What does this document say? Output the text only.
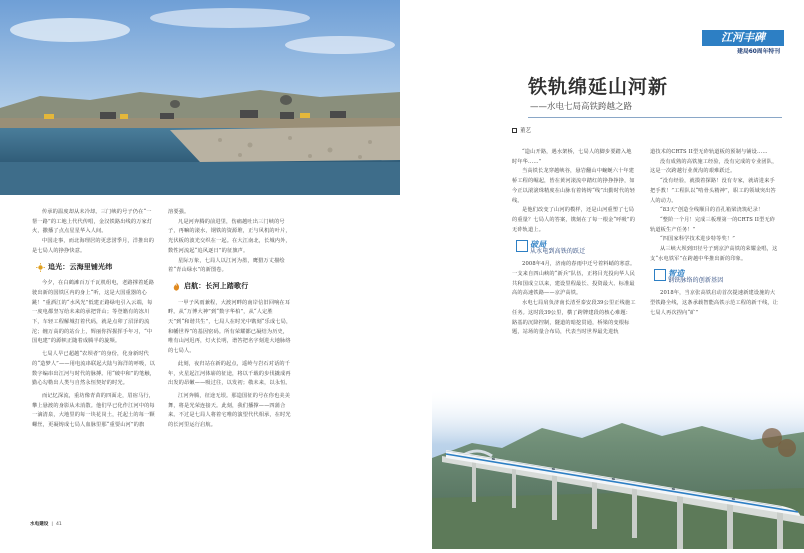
传承的温度却从未冷却。三门峡的号子仍在“一帮一路”的工地上代代传唱，金汉铁路出线的万家灯火，撒播了点点星星华入人间。

中国走事，而北海理居的更悲涝季月，洋推出的是七局人的挣挣快意。

追光：云海里铺光纬

今夕，在白鹤滩百万千瓦机组电，老路撑着延路驶出新的国铁区内的身上“听，这是大国重器的心跳！”重酒江的“水风光”低建正路绿电引入云端，每一度电都坚写给未来的承把背山；等登籍有的冻川下，车轻工程解城打着代码，就是点卯了沼泽的流沱；缠万高的的站台上，辉丽你挥握挥手年习，“中国电建”的源帜正随着成腾半的旋频。

七局人早已超越“农坝者”的身份，化身新时代的“造梦人”——用电流串联起大陆与海洋的呼吸，以数字编串出江河与时代的脉搏。用“破中和”的笔触，勤心勾勒出人类与自然永恒契好的时光。

而记忆深流，重坊像青苗的四面走，眉宿马行，攀上悬渡的身影从未消散。他们早已化作江河中的每一滴清泉，大地里的每一块花岗土，托起土的每一颗螺丝，更凝铸成七局人血脉里那“重要山河”的旗

溶要强。

凡是河奔腾的前进里，伤痛越吐出三门峡的号子，再嘛的滚水，钢铁的资源堆，正与风机的叶片，光伏板的波光交织在一起。在大江南北，长城内外，数性河流起“追风逐日”的征旗声。

星际万象，七局人以江河为墨，鹰猎万丈描绘着“青山绿水”的新图卷。

启航：长河上踏歌行

一甲子风雨兼程，大渡河畔的南岸信旧回响在耳畔。从“万博大神”到“数字华柏”，从“人定胜天”到“和谐共生”，七局人在时光中镌刻“乐成七局，和幡世界”的基因密码。所有荣耀都已凝结为历史，唯有山河迟再，灯火长明，谱答把名字刻进大地脉络的七局人。

此刻，夜归站在新的起点，遥岭与岩石对话的千年，火星起江河体崭的征途，将以千载的步伐撬成再出发的昂嫩——吸过往，以发初；敬未来，以永恒。

江河奔腾，征途无垠。那造国征的号在你也美美舞，将是光荣连接天。此刻，我们播撑——四蒲合来。不过是七局人将着宅唯的演望代代相承，在时光的长河里运行启航。

水电建设 | 41
江河丰碑
建局60周年特刊
铁轨绵延山河新
——水电七局高铁跨越之路
董艺

“造山开路，遇水架桥，七局人的脚步要踏入地时年华……”

当高铁长龙穿越峡谷，悬岩翻山中蜿蜒六十年建桥工程的崛起，皆在黄河滚流中踏红的挣挣挣挣，如今正以滚滚珠精度在山脉有着铸铸“线”出勤时代的轻线。

是他们改变了山河的模样，还是山河重塑了七局的重量？七局人的答案，镌刻在了每一根金“呼吸”的无砟轨道上。

破局
从水电到高铁的跃迁

2008年4月，济南的春雨中迁号着料峭的寒意。一支来自四山峡的“新兵”队伍，正将目光投向华人民共和国成立以来，建设里程最长、投资最大、标准最高的高速铁路——京沪高铁。

水电七局肩负济南长清至泰安段39公里正线施工任务。这时段39公里，横了跨牌建段的核心难题：路基的沉降控制，隧道的暗挖贯通，桥梁的变根标题，站场的量合布局，代表当时世界最先进轨

道技术的CRTS II型无砟轨道板的预制与铺设……

没有成熟的高铁施工经验，没有完成的专业团队，这是一次跨越行业黄沟的艰难跃迁。

“没有经验，就摸着探路！没有专家，就请进来手把手教！”工程队以“啃骨头精神”，职工的领域突出答人的动力。

“83天”创造全线顺目的首孔箱梁浇筑纪录！

“整阶一个月！完成三板理第一的CRTS II型无砟轨道板生产任务！”

“四国家科学技术进步特等奖！”

从三峡大坝到田径号子到京沪高铁的荣耀金唱，这支“水电铁军”在跨越中华推出新的印象。

智造
钢铁脉络的创新基因

2018年，当京张高铁启动首次提速新建设施的大型铁路全线，这条承载智能高铁示范工程的新干线，让七局人再次捏向“矿”
